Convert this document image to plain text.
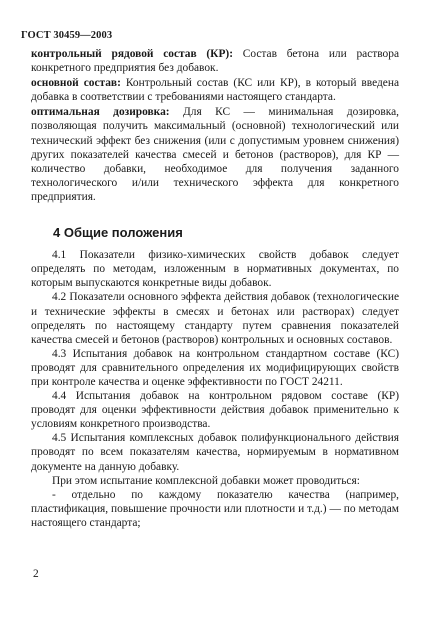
ГОСТ 30459—2003
контрольный рядовой состав (КР): Состав бетона или раствора конкретного предприятия без добавок.
основной состав: Контрольный состав (КС или КР), в который введена добавка в соответствии с требованиями настоящего стандарта.
оптимальная дозировка: Для КС — минимальная дозировка, позволяющая получить максимальный (основной) технологический или технический эффект без снижения (или с допустимым уровнем снижения) других показателей качества смесей и бетонов (растворов), для КР — количество добавки, необходимое для получения заданного технологического и/или технического эффекта для конкретного предприятия.
4 Общие положения

4.1 Показатели физико-химических свойств добавок следует определять по методам, изложенным в нормативных документах, по которым выпускаются конкретные виды добавок.

4.2 Показатели основного эффекта действия добавок (технологические и технические эффекты в смесях и бетонах или растворах) следует определять по настоящему стандарту путем сравнения показателей качества смесей и бетонов (растворов) контрольных и основных составов.

4.3 Испытания добавок на контрольном стандартном составе (КС) проводят для сравнительного определения их модифицирующих свойств при контроле качества и оценке эффективности по ГОСТ 24211.

4.4 Испытания добавок на контрольном рядовом составе (КР) проводят для оценки эффективности действия добавок применительно к условиям конкретного производства.

4.5 Испытания комплексных добавок полифункционального действия проводят по всем показателям качества, нормируемым в нормативном документе на данную добавку.

При этом испытание комплексной добавки может проводиться:

- отдельно по каждому показателю качества (например, пластификация, повышение прочности или плотности и т.д.) — по методам настоящего стандарта;

2
